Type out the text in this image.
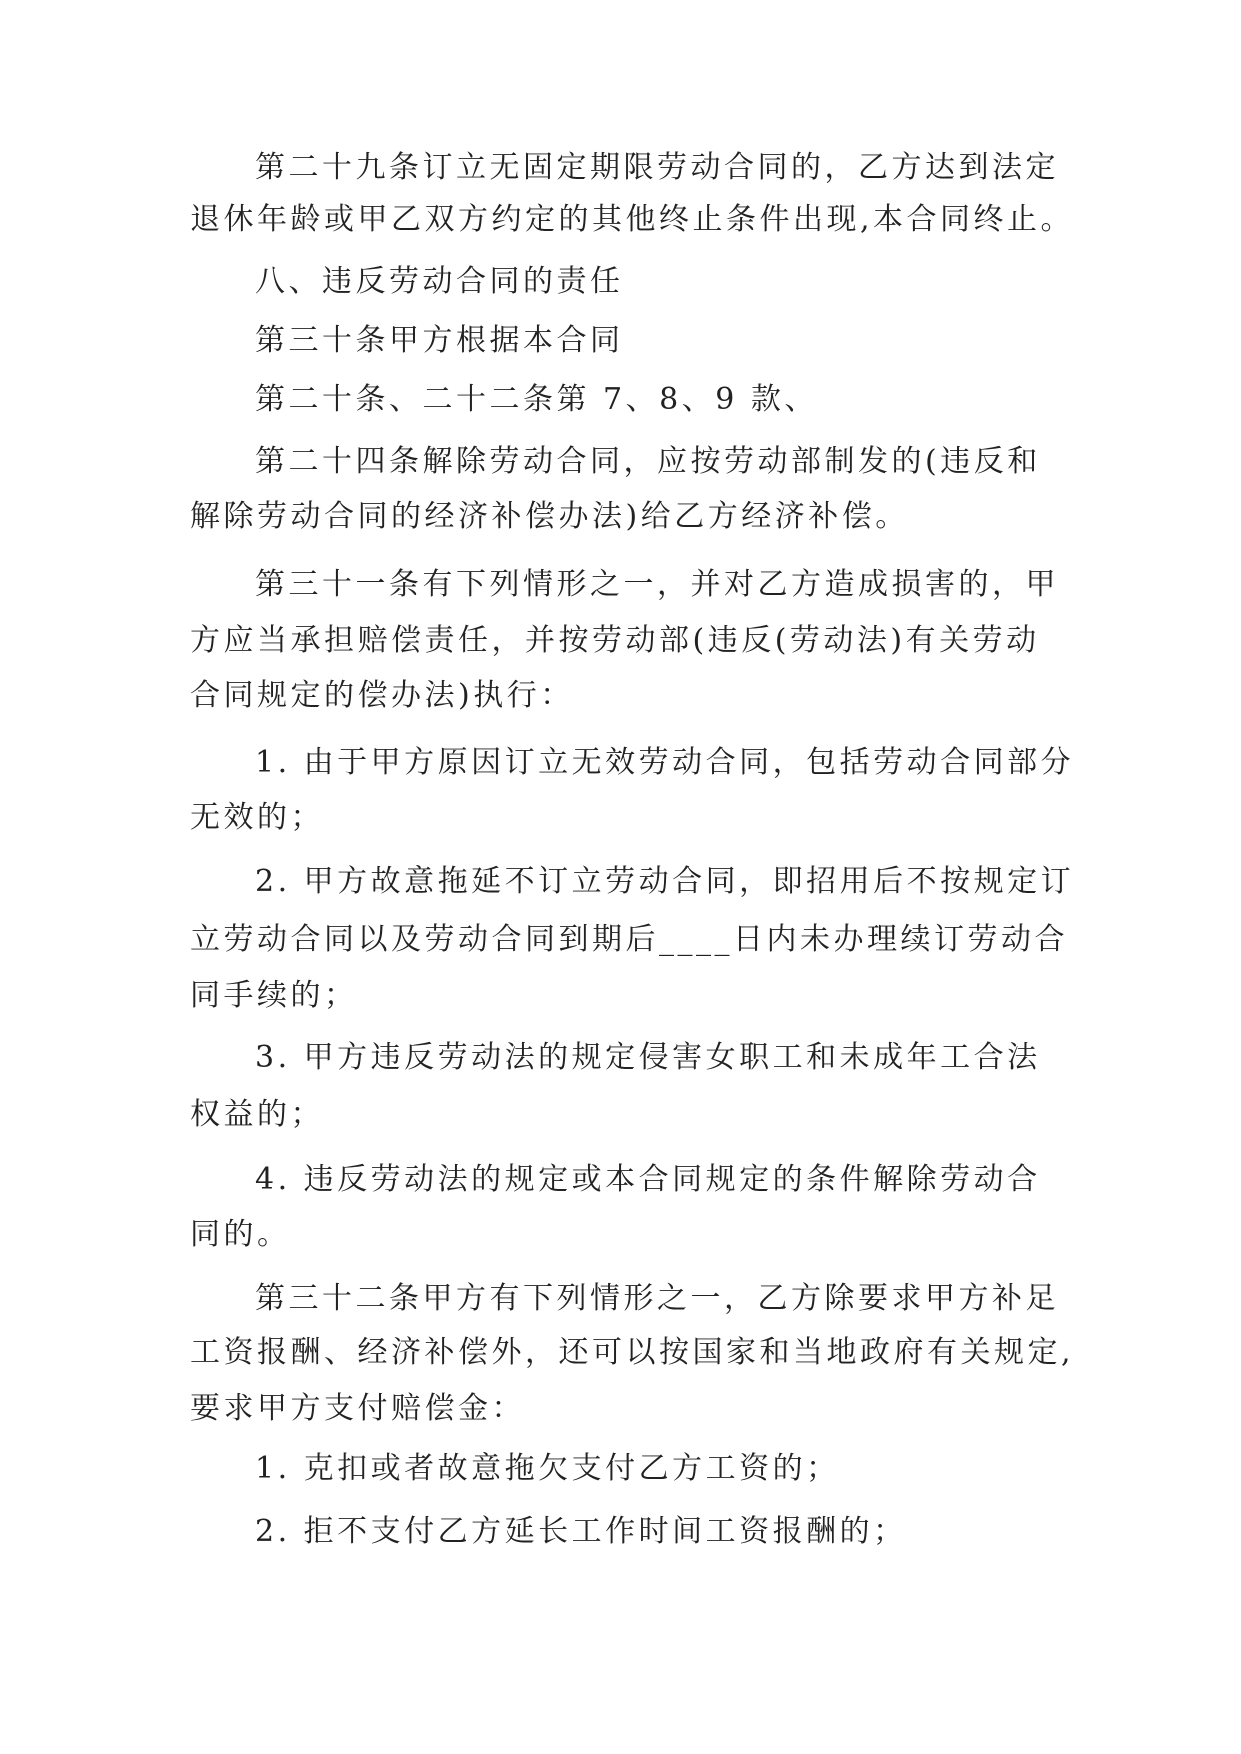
第二十九条订立无固定期限劳动合同的，乙方达到法定
退休年龄或甲乙双方约定的其他终止条件出现,本合同终止。
八、违反劳动合同的责任
第三十条甲方根据本合同
第二十条、二十二条第 7、8、9 款、
第二十四条解除劳动合同，应按劳动部制发的(违反和
解除劳动合同的经济补偿办法)给乙方经济补偿。
第三十一条有下列情形之一，并对乙方造成损害的，甲
方应当承担赔偿责任，并按劳动部(违反(劳动法)有关劳动
合同规定的偿办法)执行：
1. 由于甲方原因订立无效劳动合同，包括劳动合同部分
无效的；
2. 甲方故意拖延不订立劳动合同，即招用后不按规定订
立劳动合同以及劳动合同到期后____日内未办理续订劳动合
同手续的；
3. 甲方违反劳动法的规定侵害女职工和未成年工合法
权益的；
4. 违反劳动法的规定或本合同规定的条件解除劳动合
同的。
第三十二条甲方有下列情形之一，乙方除要求甲方补足
工资报酬、经济补偿外，还可以按国家和当地政府有关规定,
要求甲方支付赔偿金：
1. 克扣或者故意拖欠支付乙方工资的；
2. 拒不支付乙方延长工作时间工资报酬的；
